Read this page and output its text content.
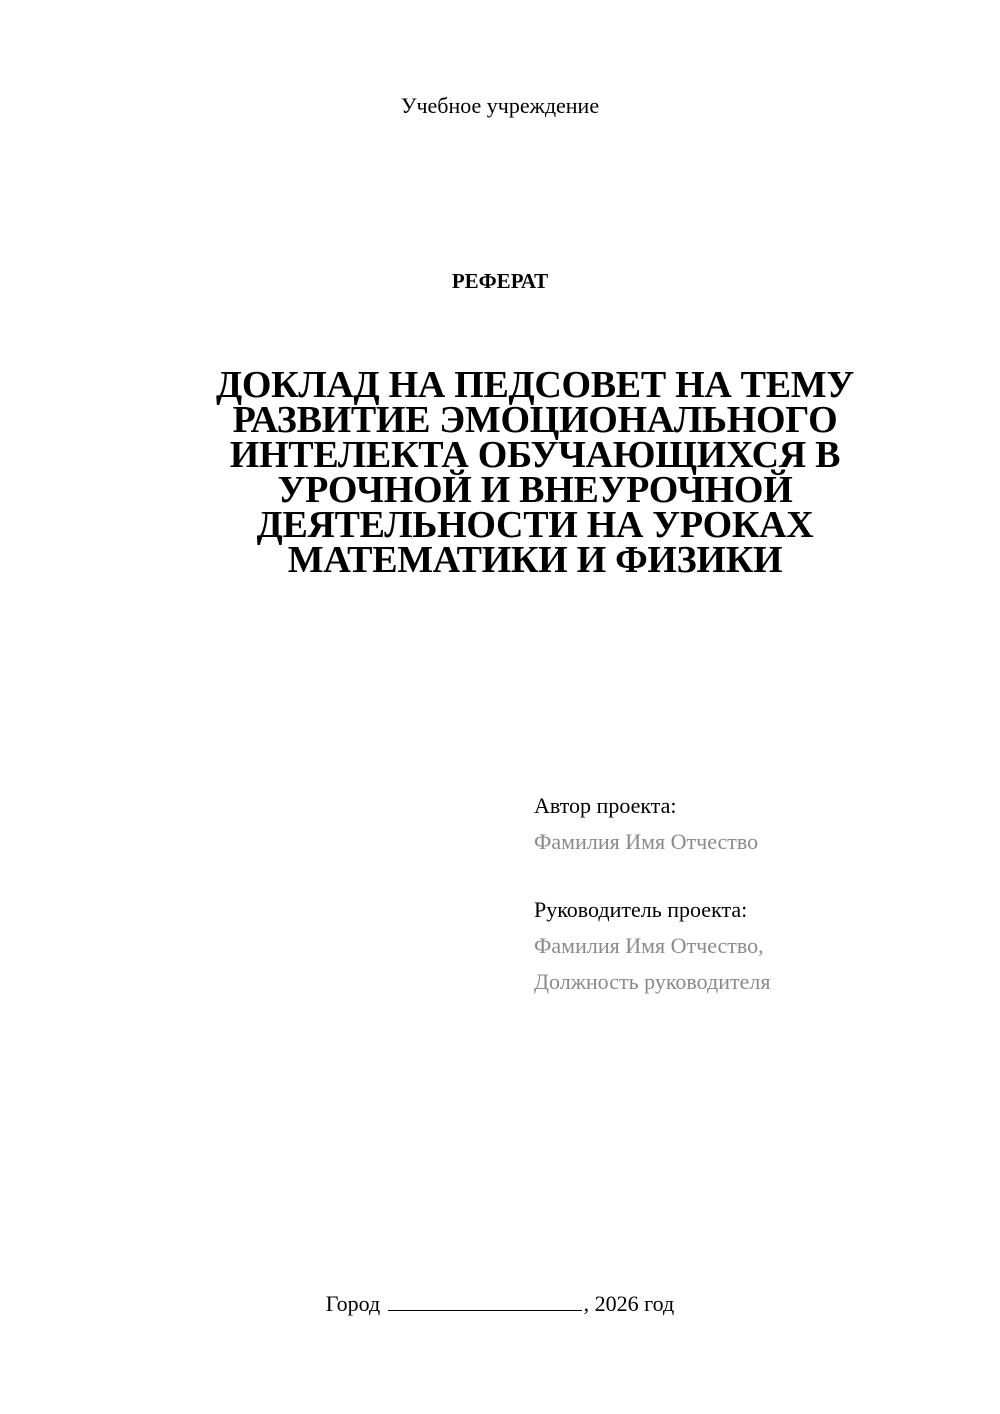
Учебное учреждение
РЕФЕРАТ
ДОКЛАД НА ПЕДСОВЕТ НА ТЕМУ
РАЗВИТИЕ ЭМОЦИОНАЛЬНОГО
ИНТЕЛЕКТА ОБУЧАЮЩИХСЯ В
УРОЧНОЙ И ВНЕУРОЧНОЙ
ДЕЯТЕЛЬНОСТИ НА УРОКАХ
МАТЕМАТИКИ И ФИЗИКИ
Автор проекта:
Фамилия Имя Отчество
Руководитель проекта:
Фамилия Имя Отчество,
Должность руководителя
Город	, 2026 год
